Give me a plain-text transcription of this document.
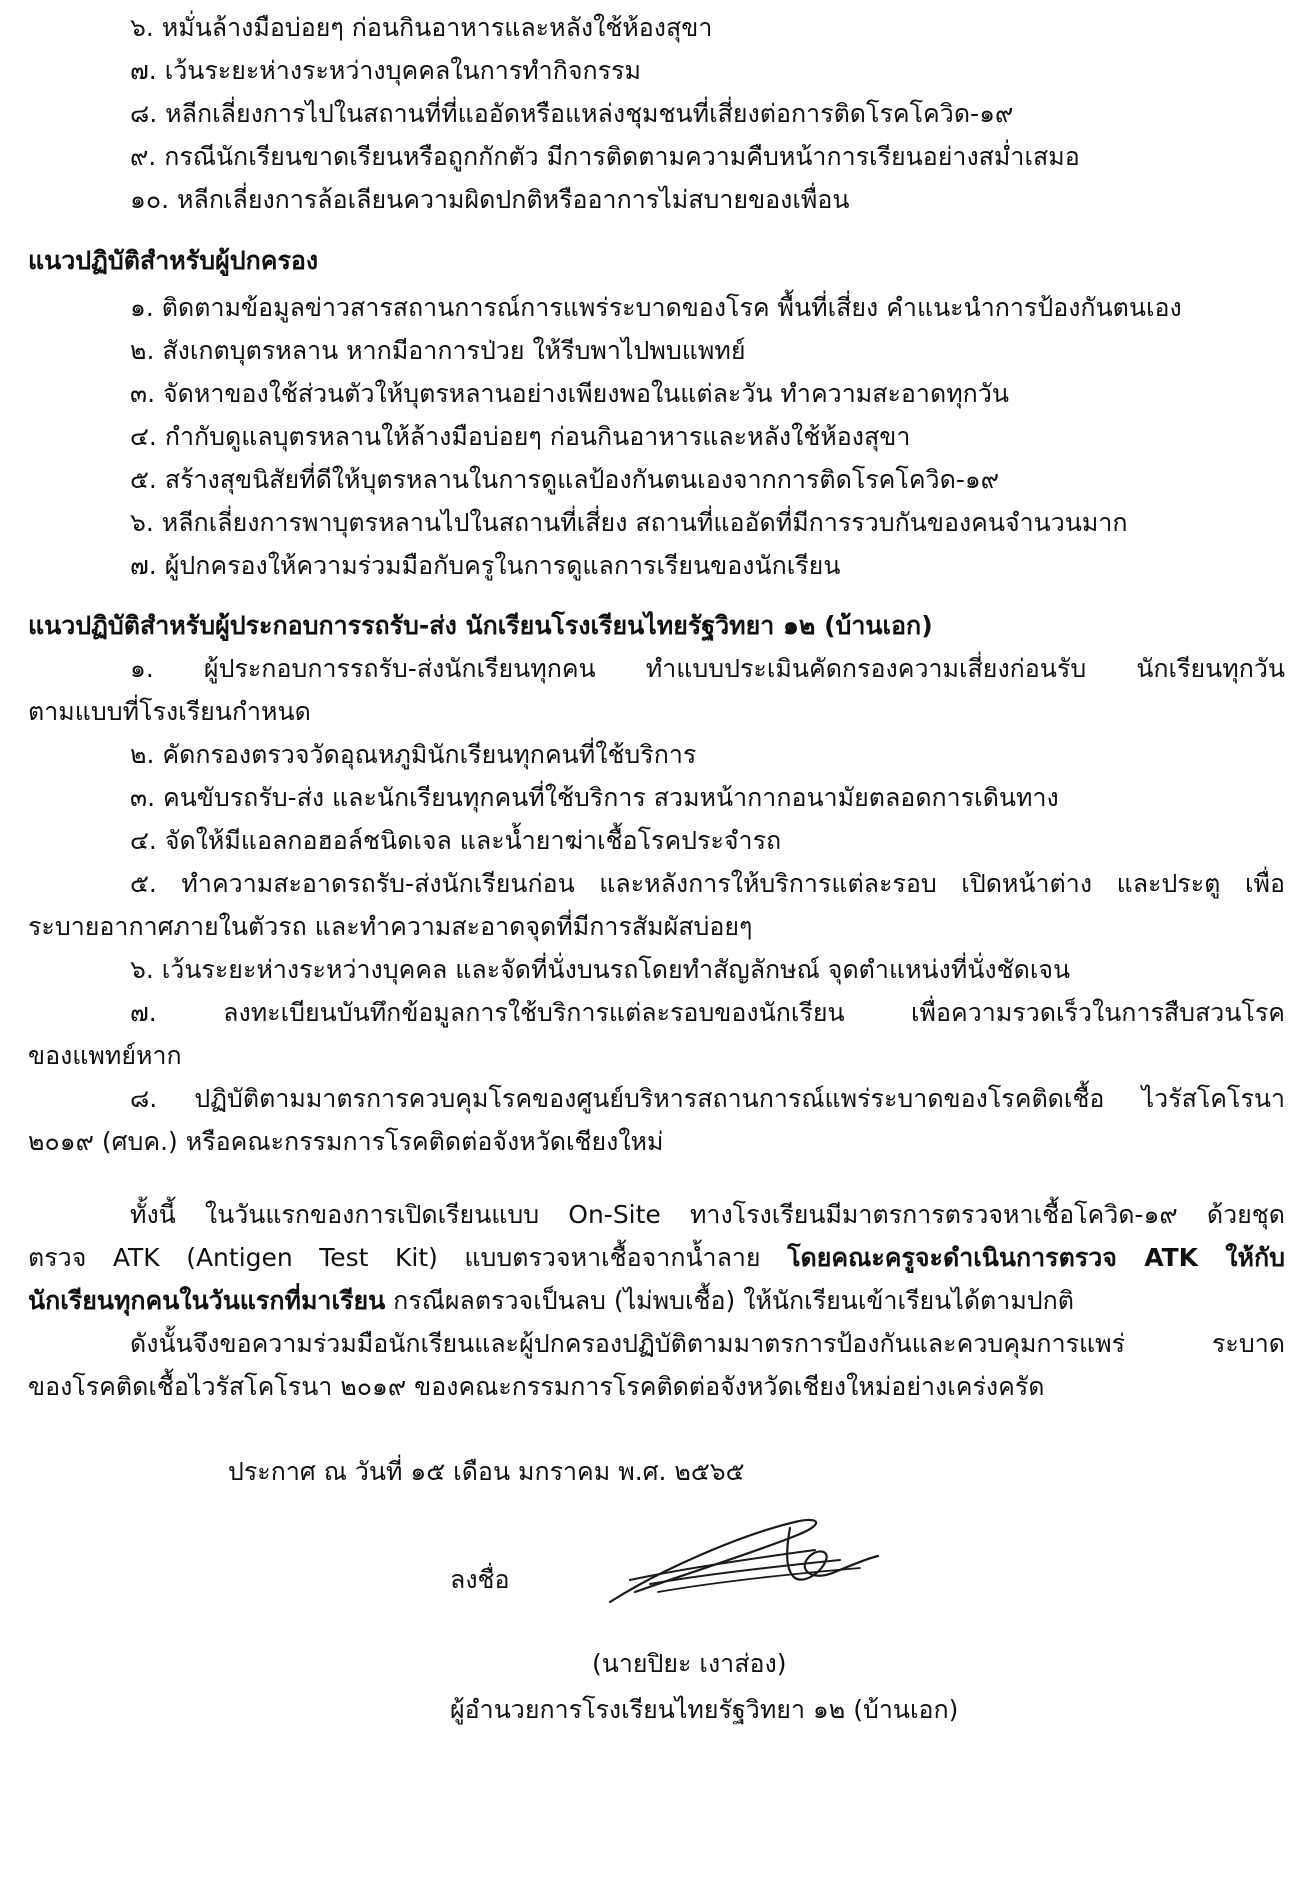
๖. หมั่นล้างมือบ่อยๆ ก่อนกินอาหารและหลังใช้ห้องสุขา
๗. เว้นระยะห่างระหว่างบุคคลในการทำกิจกรรม
๘. หลีกเลี่ยงการไปในสถานที่ที่แออัดหรือแหล่งชุมชนที่เสี่ยงต่อการติดโรคโควิด-๑๙
๙. กรณีนักเรียนขาดเรียนหรือถูกกักตัว มีการติดตามความคืบหน้าการเรียนอย่างสม่ำเสมอ
๑๐. หลีกเลี่ยงการล้อเลียนความผิดปกติหรืออาการไม่สบายของเพื่อน
แนวปฏิบัติสำหรับผู้ปกครอง
๑. ติดตามข้อมูลข่าวสารสถานการณ์การแพร่ระบาดของโรค พื้นที่เสี่ยง คำแนะนำการป้องกันตนเอง
๒. สังเกตบุตรหลาน หากมีอาการป่วย ให้รีบพาไปพบแพทย์
๓. จัดหาของใช้ส่วนตัวให้บุตรหลานอย่างเพียงพอในแต่ละวัน ทำความสะอาดทุกวัน
๔. กำกับดูแลบุตรหลานให้ล้างมือบ่อยๆ ก่อนกินอาหารและหลังใช้ห้องสุขา
๕. สร้างสุขนิสัยที่ดีให้บุตรหลานในการดูแลป้องกันตนเองจากการติดโรคโควิด-๑๙
๖. หลีกเลี่ยงการพาบุตรหลานไปในสถานที่เสี่ยง สถานที่แออัดที่มีการรวบกันของคนจำนวนมาก
๗. ผู้ปกครองให้ความร่วมมือกับครูในการดูแลการเรียนของนักเรียน
แนวปฏิบัติสำหรับผู้ประกอบการรถรับ-ส่ง นักเรียนโรงเรียนไทยรัฐวิทยา ๑๒ (บ้านเอก)
๑. ผู้ประกอบการรถรับ-ส่งนักเรียนทุกคน ทำแบบประเมินคัดกรองความเสี่ยงก่อนรับ นักเรียนทุกวัน
ตามแบบที่โรงเรียนกำหนด
๒. คัดกรองตรวจวัดอุณหภูมินักเรียนทุกคนที่ใช้บริการ
๓. คนขับรถรับ-ส่ง และนักเรียนทุกคนที่ใช้บริการ สวมหน้ากากอนามัยตลอดการเดินทาง
๔. จัดให้มีแอลกอฮอล์ชนิดเจล และน้ำยาฆ่าเชื้อโรคประจำรถ
๕. ทำความสะอาดรถรับ-ส่งนักเรียนก่อน และหลังการให้บริการแต่ละรอบ เปิดหน้าต่าง และประตู เพื่อ
ระบายอากาศภายในตัวรถ และทำความสะอาดจุดที่มีการสัมผัสบ่อยๆ
๖. เว้นระยะห่างระหว่างบุคคล และจัดที่นั่งบนรถโดยทำสัญลักษณ์ จุดตำแหน่งที่นั่งชัดเจน
๗. ลงทะเบียนบันทึกข้อมูลการใช้บริการแต่ละรอบของนักเรียน เพื่อความรวดเร็วในการสืบสวนโรค
ของแพทย์หาก
๘. ปฏิบัติตามมาตรการควบคุมโรคของศูนย์บริหารสถานการณ์แพร่ระบาดของโรคติดเชื้อ ไวรัสโคโรนา
๒๐๑๙ (ศบค.) หรือคณะกรรมการโรคติดต่อจังหวัดเชียงใหม่
ทั้งนี้ ในวันแรกของการเปิดเรียนแบบ On-Site ทางโรงเรียนมีมาตรการตรวจหาเชื้อโควิด-๑๙ ด้วยชุด
ตรวจ ATK (Antigen Test Kit) แบบตรวจหาเชื้อจากน้ำลาย โดยคณะครูจะดำเนินการตรวจ ATK ให้กับ
นักเรียนทุกคนในวันแรกที่มาเรียน กรณีผลตรวจเป็นลบ (ไม่พบเชื้อ) ให้นักเรียนเข้าเรียนได้ตามปกติ
ดังนั้นจึงขอความร่วมมือนักเรียนและผู้ปกครองปฏิบัติตามมาตรการป้องกันและควบคุมการแพร่ ระบาด
ของโรคติดเชื้อไวรัสโคโรนา ๒๐๑๙ ของคณะกรรมการโรคติดต่อจังหวัดเชียงใหม่อย่างเคร่งครัด
ประกาศ ณ วันที่ ๑๕ เดือน มกราคม พ.ศ. ๒๕๖๕
ลงชื่อ
(นายปิยะ เงาส่อง)
ผู้อำนวยการโรงเรียนไทยรัฐวิทยา ๑๒ (บ้านเอก)
